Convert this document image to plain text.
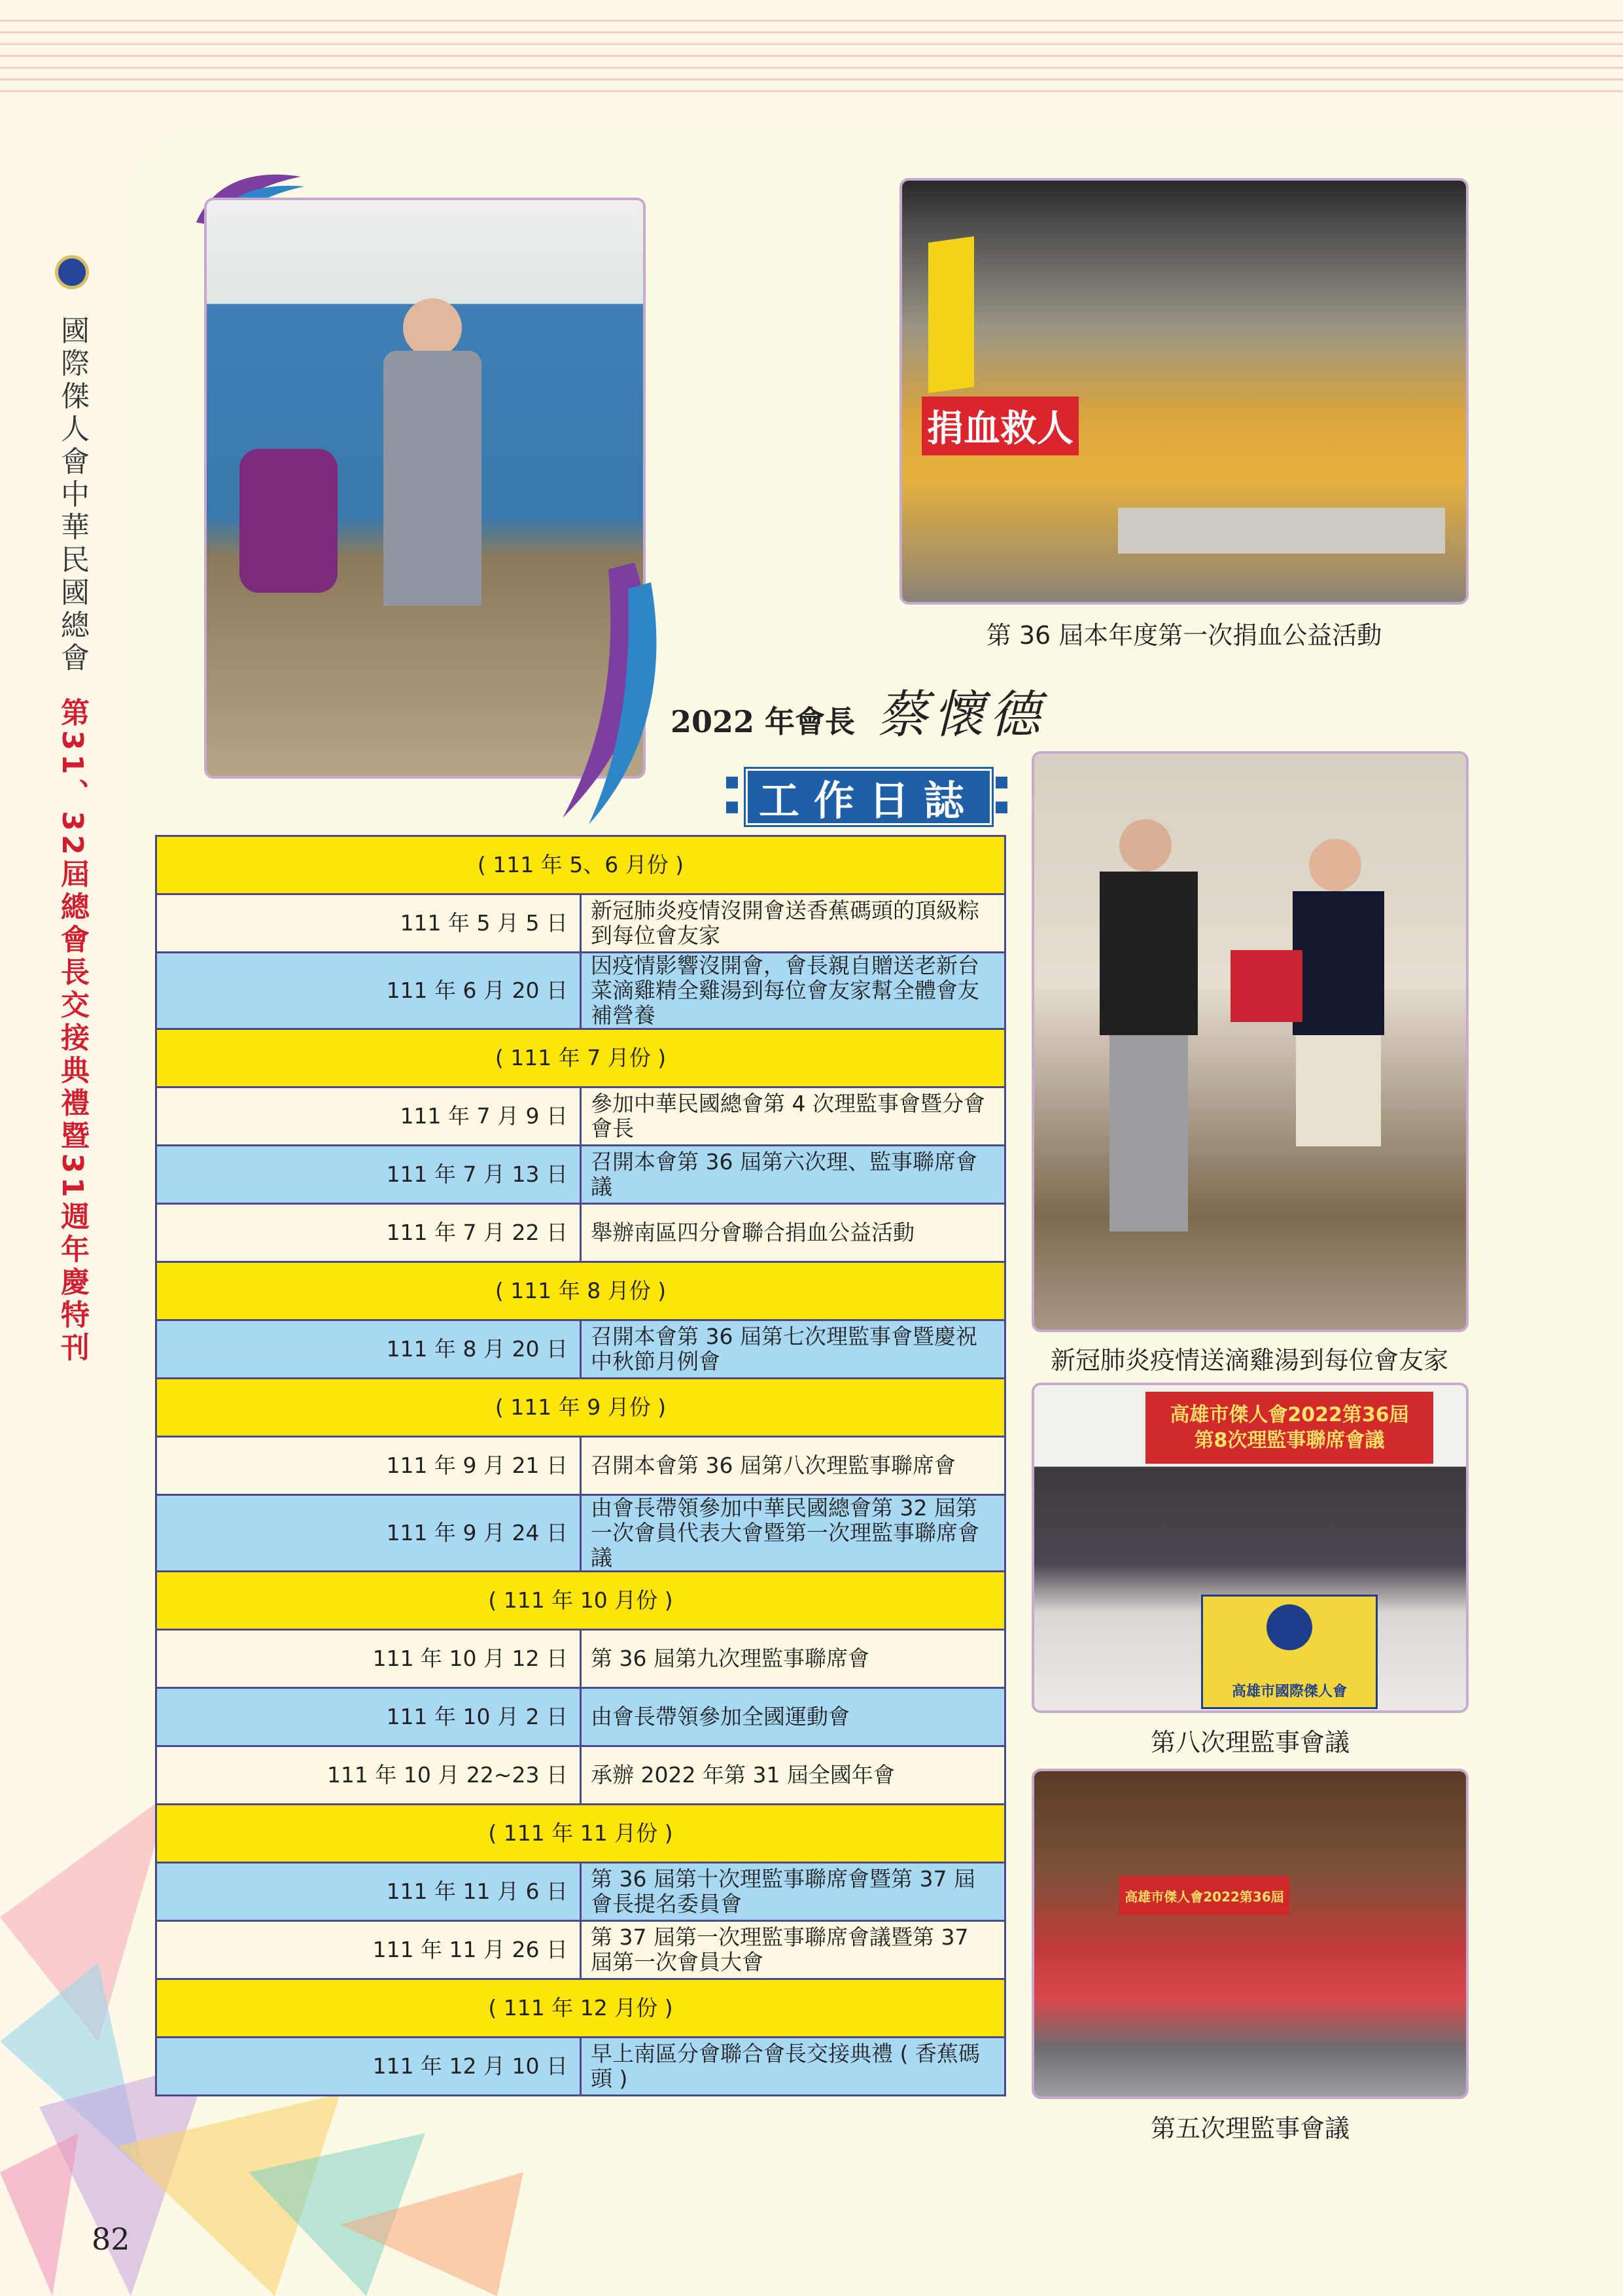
國際傑人會中華民國總會
第31、32屆總會長交接典禮暨31週年慶特刊
捐血救人
第 36 屆本年度第一次捐血公益活動
2022 年會長 蔡懷德
工作日誌
( 111 年 5、6 月份 )	
111 年 5 月 5 日	新冠肺炎疫情沒開會送香蕉碼頭的頂級粽到每位會友家
111 年 6 月 20 日	因疫情影響沒開會，會長親自贈送老新台菜滴雞精全雞湯到每位會友家幫全體會友補營養
( 111 年 7 月份 )	
111 年 7 月 9 日	參加中華民國總會第 4 次理監事會暨分會會長
111 年 7 月 13 日	召開本會第 36 屆第六次理、監事聯席會議
111 年 7 月 22 日	舉辦南區四分會聯合捐血公益活動
( 111 年 8 月份 )	
111 年 8 月 20 日	召開本會第 36 屆第七次理監事會暨慶祝中秋節月例會
( 111 年 9 月份 )	
111 年 9 月 21 日	召開本會第 36 屆第八次理監事聯席會
111 年 9 月 24 日	由會長帶領參加中華民國總會第 32 屆第一次會員代表大會暨第一次理監事聯席會議
( 111 年 10 月份 )	
111 年 10 月 12 日	第 36 屆第九次理監事聯席會
111 年 10 月 2 日	由會長帶領參加全國運動會
111 年 10 月 22~23 日	承辦 2022 年第 31 屆全國年會
( 111 年 11 月份 )	
111 年 11 月 6 日	第 36 屆第十次理監事聯席會暨第 37 屆會長提名委員會
111 年 11 月 26 日	第 37 屆第一次理監事聯席會議暨第 37 屆第一次會員大會
( 111 年 12 月份 )	
111 年 12 月 10 日	早上南區分會聯合會長交接典禮 ( 香蕉碼頭 )
新冠肺炎疫情送滴雞湯到每位會友家
高雄市傑人會2022第36屆
第8次理監事聯席會議
高雄市國際傑人會
第八次理監事會議
高雄市傑人會2022第36屆
第五次理監事會議
82
